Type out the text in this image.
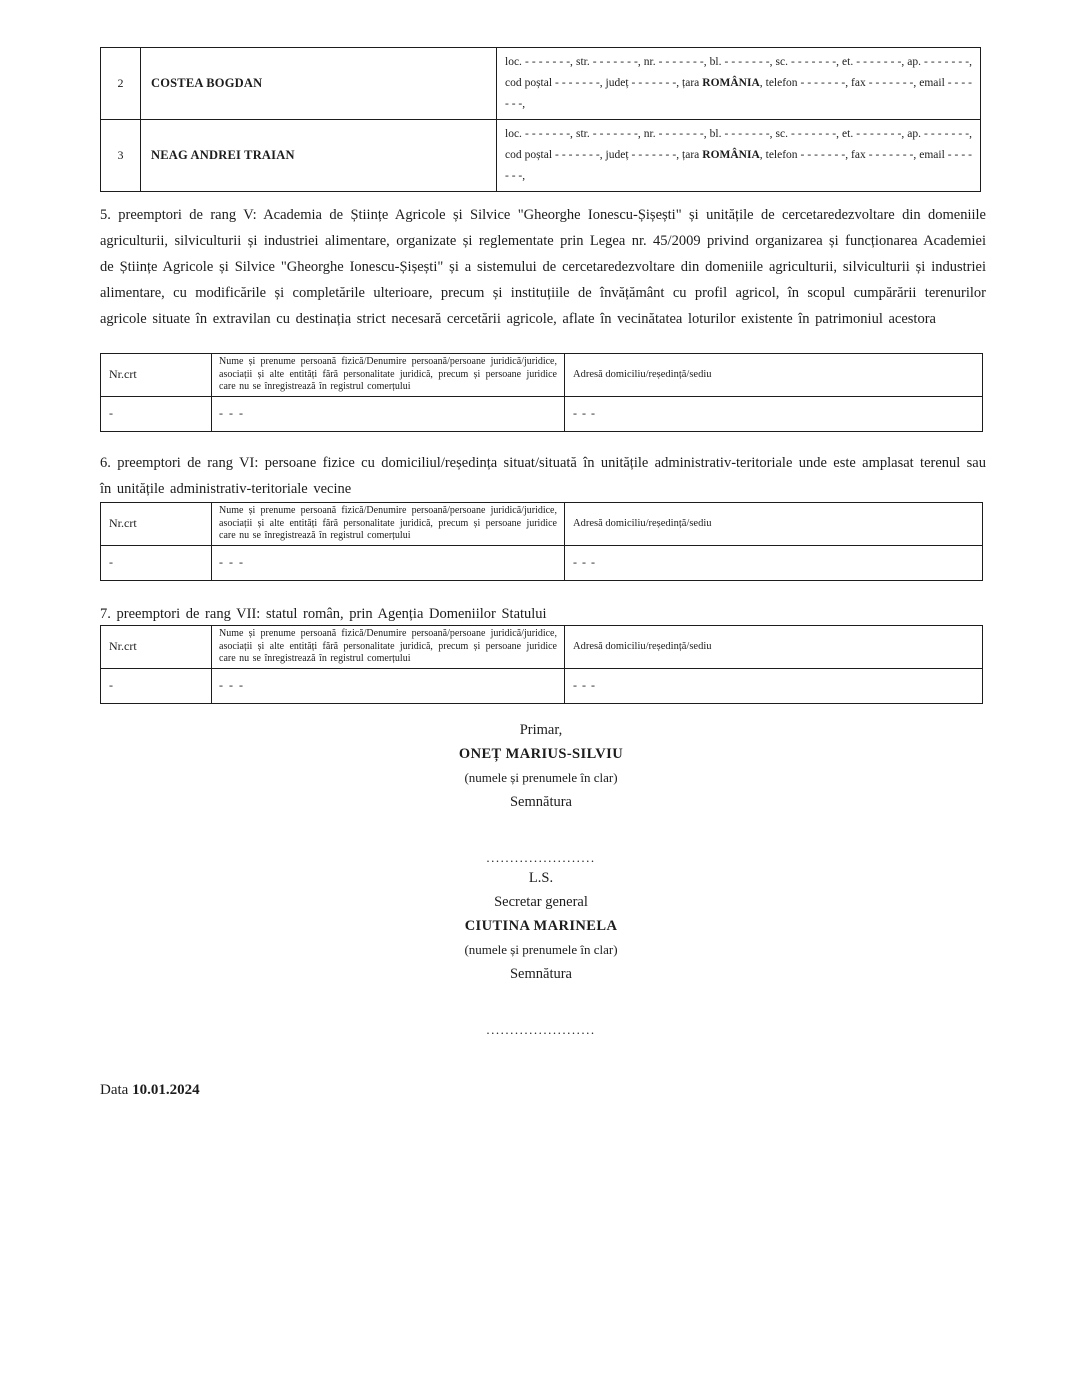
2	COSTEA BOGDAN	loc. - - - - - - -, str. - - - - - - -, nr. - - - - - - -, bl. - - - - - - -, sc. - - - - - - -, et. - - - - - - -, ap. - - - - - - -, cod poștal - - - - - - -, județ - - - - - - -, țara ROMÂNIA, telefon - - - - - - -, fax - - - - - - -, email - - - - - - -,
3	NEAG ANDREI TRAIAN	loc. - - - - - - -, str. - - - - - - -, nr. - - - - - - -, bl. - - - - - - -, sc. - - - - - - -, et. - - - - - - -, ap. - - - - - - -, cod poștal - - - - - - -, județ - - - - - - -, țara ROMÂNIA, telefon - - - - - - -, fax - - - - - - -, email - - - - - - -,
5. preemptori de rang V: Academia de Științe Agricole și Silvice "Gheorghe Ionescu-Șișești" și unitățile de cercetaredezvoltare din domeniile agriculturii, silviculturii și industriei alimentare, organizate și reglementate prin Legea nr. 45/2009 privind organizarea și funcționarea Academiei de Științe Agricole și Silvice "Gheorghe Ionescu-Șișești" și a sistemului de cercetaredezvoltare din domeniile agriculturii, silviculturii și industriei alimentare, cu modificările și completările ulterioare, precum și instituțiile de învățământ cu profil agricol, în scopul cumpărării terenurilor agricole situate în extravilan cu destinația strict necesară cercetării agricole, aflate în vecinătatea loturilor existente în patrimoniul acestora
Nr.crt	Nume și prenume persoană fizică/Denumire persoană/persoane juridică/juridice, asociații și alte entități fără personalitate juridică, precum și persoane juridice care nu se înregistrează în registrul comerțului	Adresă domiciliu/reședință/sediu
-	- - -	- - -
6. preemptori de rang VI: persoane fizice cu domiciliul/reședința situat/situată în unitățile administrativ-teritoriale unde este amplasat terenul sau în unitățile administrativ-teritoriale vecine
Nr.crt	Nume și prenume persoană fizică/Denumire persoană/persoane juridică/juridice, asociații și alte entități fără personalitate juridică, precum și persoane juridice care nu se înregistrează în registrul comerțului	Adresă domiciliu/reședință/sediu
-	- - -	- - -
7. preemptori de rang VII: statul român, prin Agenția Domeniilor Statului
Nr.crt	Nume și prenume persoană fizică/Denumire persoană/persoane juridică/juridice, asociații și alte entități fără personalitate juridică, precum și persoane juridice care nu se înregistrează în registrul comerțului	Adresă domiciliu/reședință/sediu
-	- - -	- - -
Primar,
ONEȚ MARIUS-SILVIU
(numele și prenumele în clar)
Semnătura
.......................
L.S.
Secretar general
CIUTINA MARINELA
(numele și prenumele în clar)
Semnătura
.......................
Data 10.01.2024
